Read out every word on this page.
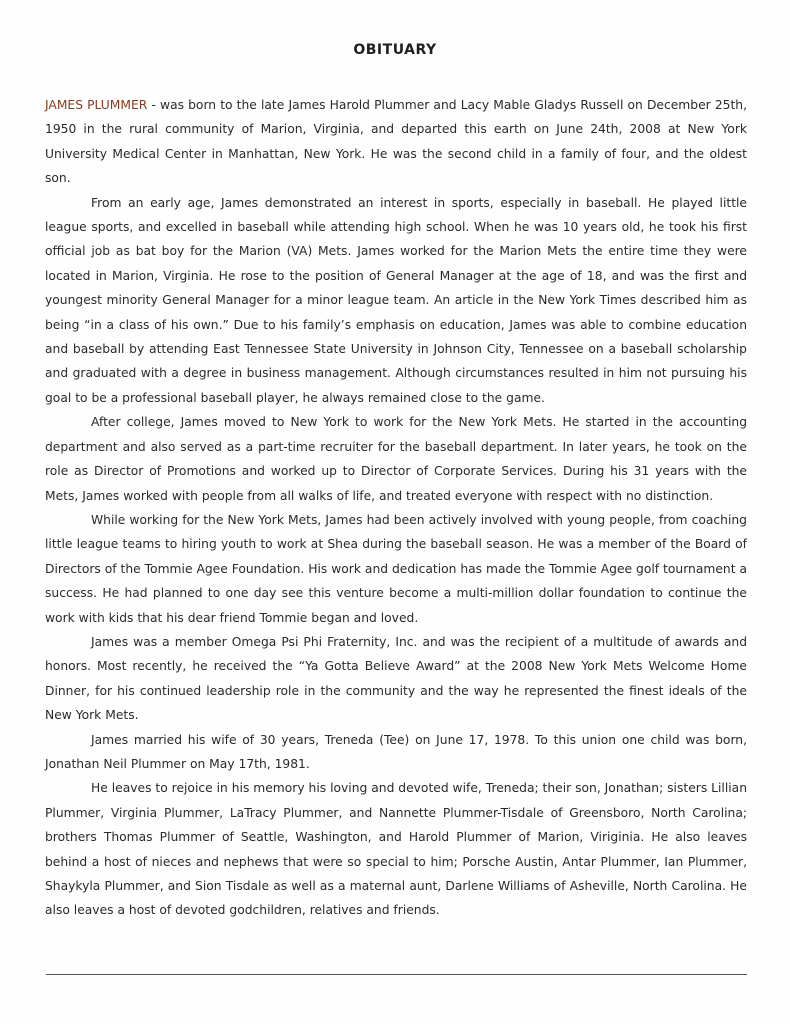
OBITUARY

JAMES PLUMMER - was born to the late James Harold Plummer and Lacy Mable Gladys Russell on December 25th, 1950 in the rural community of Marion, Virginia, and departed this earth on June 24th, 2008 at New York University Medical Center in Manhattan, New York. He was the second child in a family of four, and the oldest son.

From an early age, James demonstrated an interest in sports, especially in baseball. He played little league sports, and excelled in baseball while attending high school. When he was 10 years old, he took his first official job as bat boy for the Marion (VA) Mets. James worked for the Marion Mets the entire time they were located in Marion, Virginia. He rose to the position of General Manager at the age of 18, and was the first and youngest minority General Manager for a minor league team. An article in the New York Times described him as being “in a class of his own.” Due to his family’s emphasis on education, James was able to combine education and baseball by attending East Tennessee State University in Johnson City, Tennessee on a baseball scholarship and graduated with a degree in business management. Although circumstances resulted in him not pursuing his goal to be a professional baseball player, he always remained close to the game.

After college, James moved to New York to work for the New York Mets. He started in the accounting department and also served as a part-time recruiter for the baseball department. In later years, he took on the role as Director of Promotions and worked up to Director of Corporate Services. During his 31 years with the Mets, James worked with people from all walks of life, and treated everyone with respect with no distinction.

While working for the New York Mets, James had been actively involved with young people, from coaching little league teams to hiring youth to work at Shea during the baseball season. He was a member of the Board of Directors of the Tommie Agee Foundation. His work and dedication has made the Tommie Agee golf tournament a success. He had planned to one day see this venture become a multi-million dollar foundation to continue the work with kids that his dear friend Tommie began and loved.

James was a member Omega Psi Phi Fraternity, Inc. and was the recipient of a multitude of awards and honors. Most recently, he received the “Ya Gotta Believe Award” at the 2008 New York Mets Welcome Home Dinner, for his continued leadership role in the community and the way he represented the finest ideals of the New York Mets.

James married his wife of 30 years, Treneda (Tee) on June 17, 1978. To this union one child was born, Jonathan Neil Plummer on May 17th, 1981.

He leaves to rejoice in his memory his loving and devoted wife, Treneda; their son, Jonathan; sisters Lillian Plummer, Virginia Plummer, LaTracy Plummer, and Nannette Plummer-Tisdale of Greensboro, North Carolina; brothers Thomas Plummer of Seattle, Washington, and Harold Plummer of Marion, Viriginia. He also leaves behind a host of nieces and nephews that were so special to him; Porsche Austin, Antar Plummer, Ian Plummer, Shaykyla Plummer, and Sion Tisdale as well as a maternal aunt, Darlene Williams of Asheville, North Carolina. He also leaves a host of devoted godchildren, relatives and friends.
